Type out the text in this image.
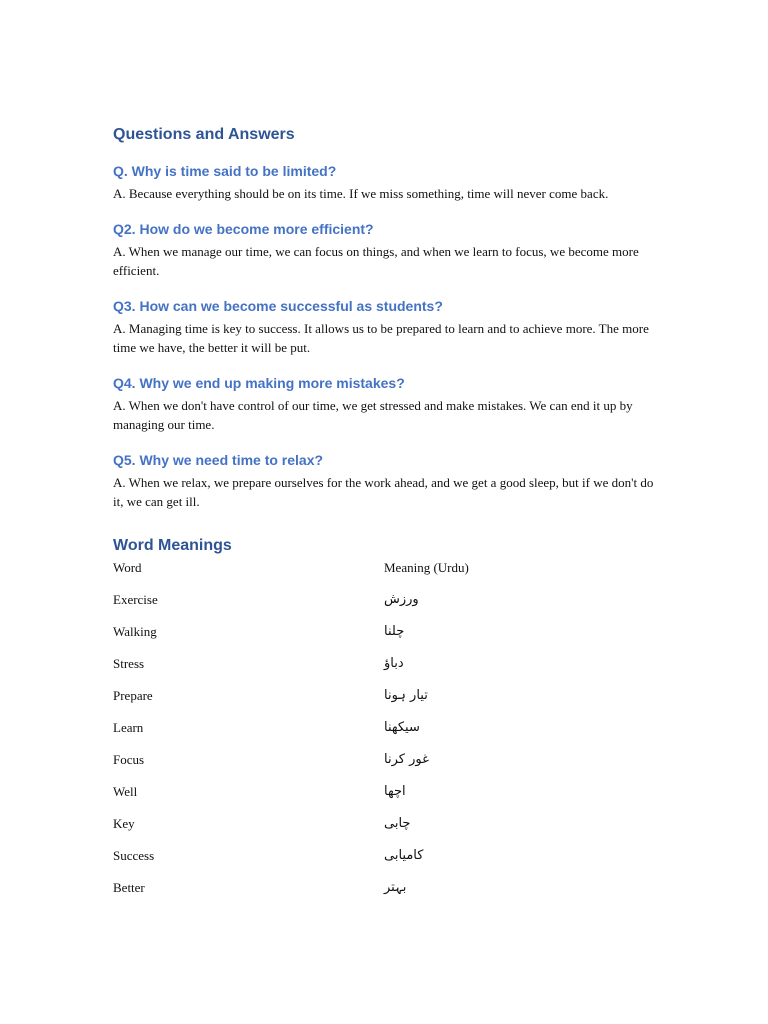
Questions and Answers
Q. Why is time said to be limited?

A. Because everything should be on its time. If we miss something, time will never come back.

Q2. How do we become more efficient?

A. When we manage our time, we can focus on things, and when we learn to focus, we become more efficient.

Q3. How can we become successful as students?

A. Managing time is key to success. It allows us to be prepared to learn and to achieve more. The more time we have, the better it will be put.

Q4. Why we end up making more mistakes?

A. When we don't have control of our time, we get stressed and make mistakes. We can end it up by managing our time.

Q5. Why we need time to relax?

A. When we relax, we prepare ourselves for the work ahead, and we get a good sleep, but if we don't do it, we can get ill.

Word Meanings
Word	Meaning (Urdu)
Exercise	ورزش
Walking	چلنا
Stress	دباؤ
Prepare	تیار ہونا
Learn	سیکھنا
Focus	غور کرنا
Well	اچھا
Key	چابی
Success	کامیابی
Better	بہتر
